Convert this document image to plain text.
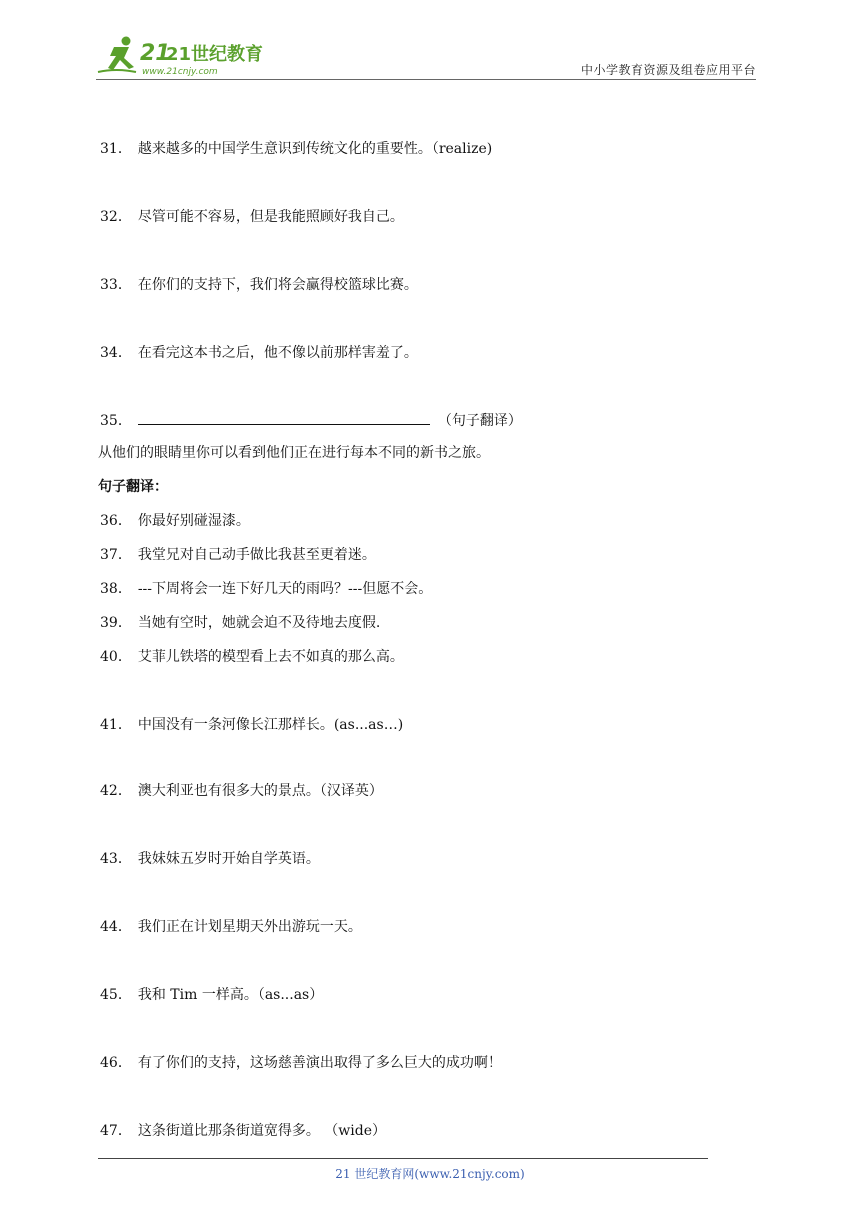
21
21世纪教育
www.21cnjy.com	中小学教育资源及组卷应用平台
31． 越来越多的中国学生意识到传统文化的重要性。（realize)
32． 尽管可能不容易，但是我能照顾好我自己。
33． 在你们的支持下，我们将会赢得校篮球比赛。
34． 在看完这本书之后，他不像以前那样害羞了。
35．	（句子翻译）
从他们的眼睛里你可以看到他们正在进行每本不同的新书之旅。
句子翻译：
36． 你最好别碰湿漆。
37． 我堂兄对自己动手做比我甚至更着迷。
38． ---下周将会一连下好几天的雨吗？---但愿不会。
39． 当她有空时，她就会迫不及待地去度假.
40． 艾菲儿铁塔的模型看上去不如真的那么高。
41． 中国没有一条河像长江那样长。(as...as…)
42． 澳大利亚也有很多大的景点。（汉译英）
43． 我妹妹五岁时开始自学英语。
44． 我们正在计划星期天外出游玩一天。
45． 我和 Tim 一样高。（as...as）
46． 有了你们的支持，这场慈善演出取得了多么巨大的成功啊！
47． 这条街道比那条街道宽得多。 （wide）
21 世纪教育网(www.21cnjy.com)
